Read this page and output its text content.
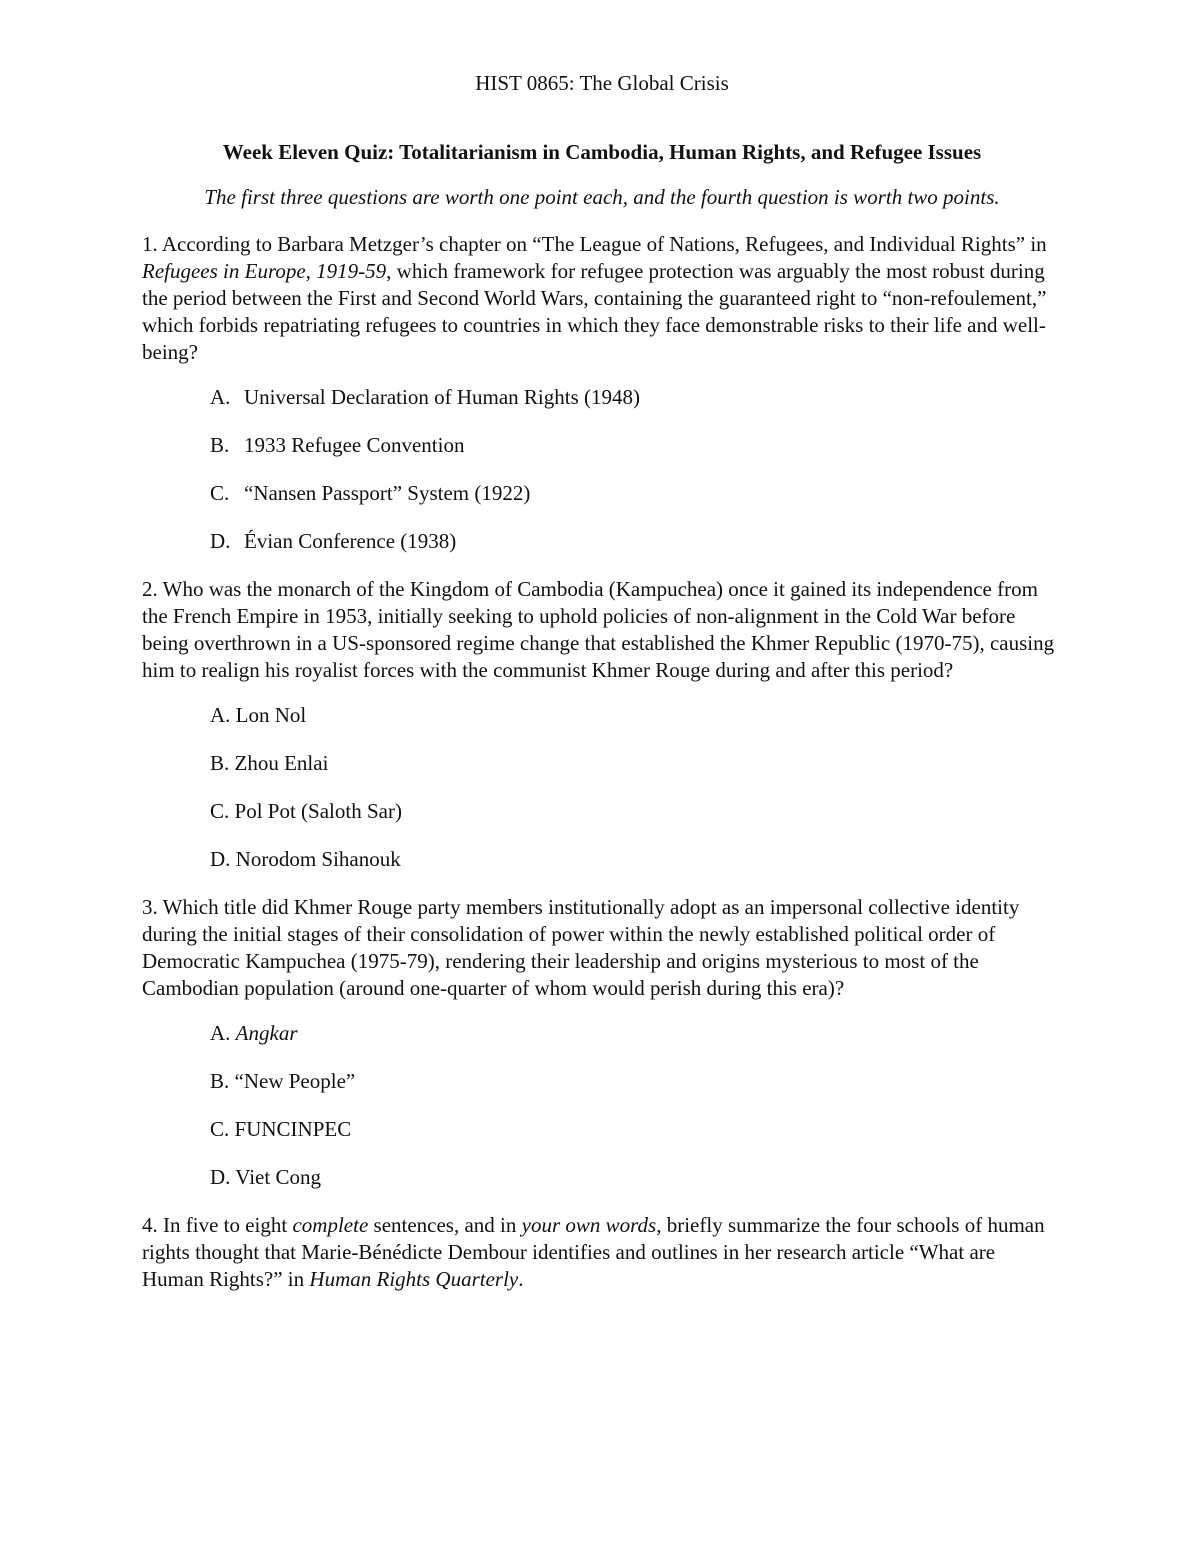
HIST 0865: The Global Crisis
Week Eleven Quiz: Totalitarianism in Cambodia, Human Rights, and Refugee Issues
The first three questions are worth one point each, and the fourth question is worth two points.
1. According to Barbara Metzger’s chapter on “The League of Nations, Refugees, and Individual Rights” in Refugees in Europe, 1919-59, which framework for refugee protection was arguably the most robust during the period between the First and Second World Wars, containing the guaranteed right to “non-refoulement,” which forbids repatriating refugees to countries in which they face demonstrable risks to their life and well-being?
A. Universal Declaration of Human Rights (1948)
B. 1933 Refugee Convention
C. “Nansen Passport” System (1922)
D. Évian Conference (1938)
2. Who was the monarch of the Kingdom of Cambodia (Kampuchea) once it gained its independence from the French Empire in 1953, initially seeking to uphold policies of non-alignment in the Cold War before being overthrown in a US-sponsored regime change that established the Khmer Republic (1970-75), causing him to realign his royalist forces with the communist Khmer Rouge during and after this period?
A. Lon Nol
B. Zhou Enlai
C. Pol Pot (Saloth Sar)
D. Norodom Sihanouk
3. Which title did Khmer Rouge party members institutionally adopt as an impersonal collective identity during the initial stages of their consolidation of power within the newly established political order of Democratic Kampuchea (1975-79), rendering their leadership and origins mysterious to most of the Cambodian population (around one-quarter of whom would perish during this era)?
A. Angkar
B. “New People”
C. FUNCINPEC
D. Viet Cong
4. In five to eight complete sentences, and in your own words, briefly summarize the four schools of human rights thought that Marie-Bénédicte Dembour identifies and outlines in her research article “What are Human Rights?” in Human Rights Quarterly.
